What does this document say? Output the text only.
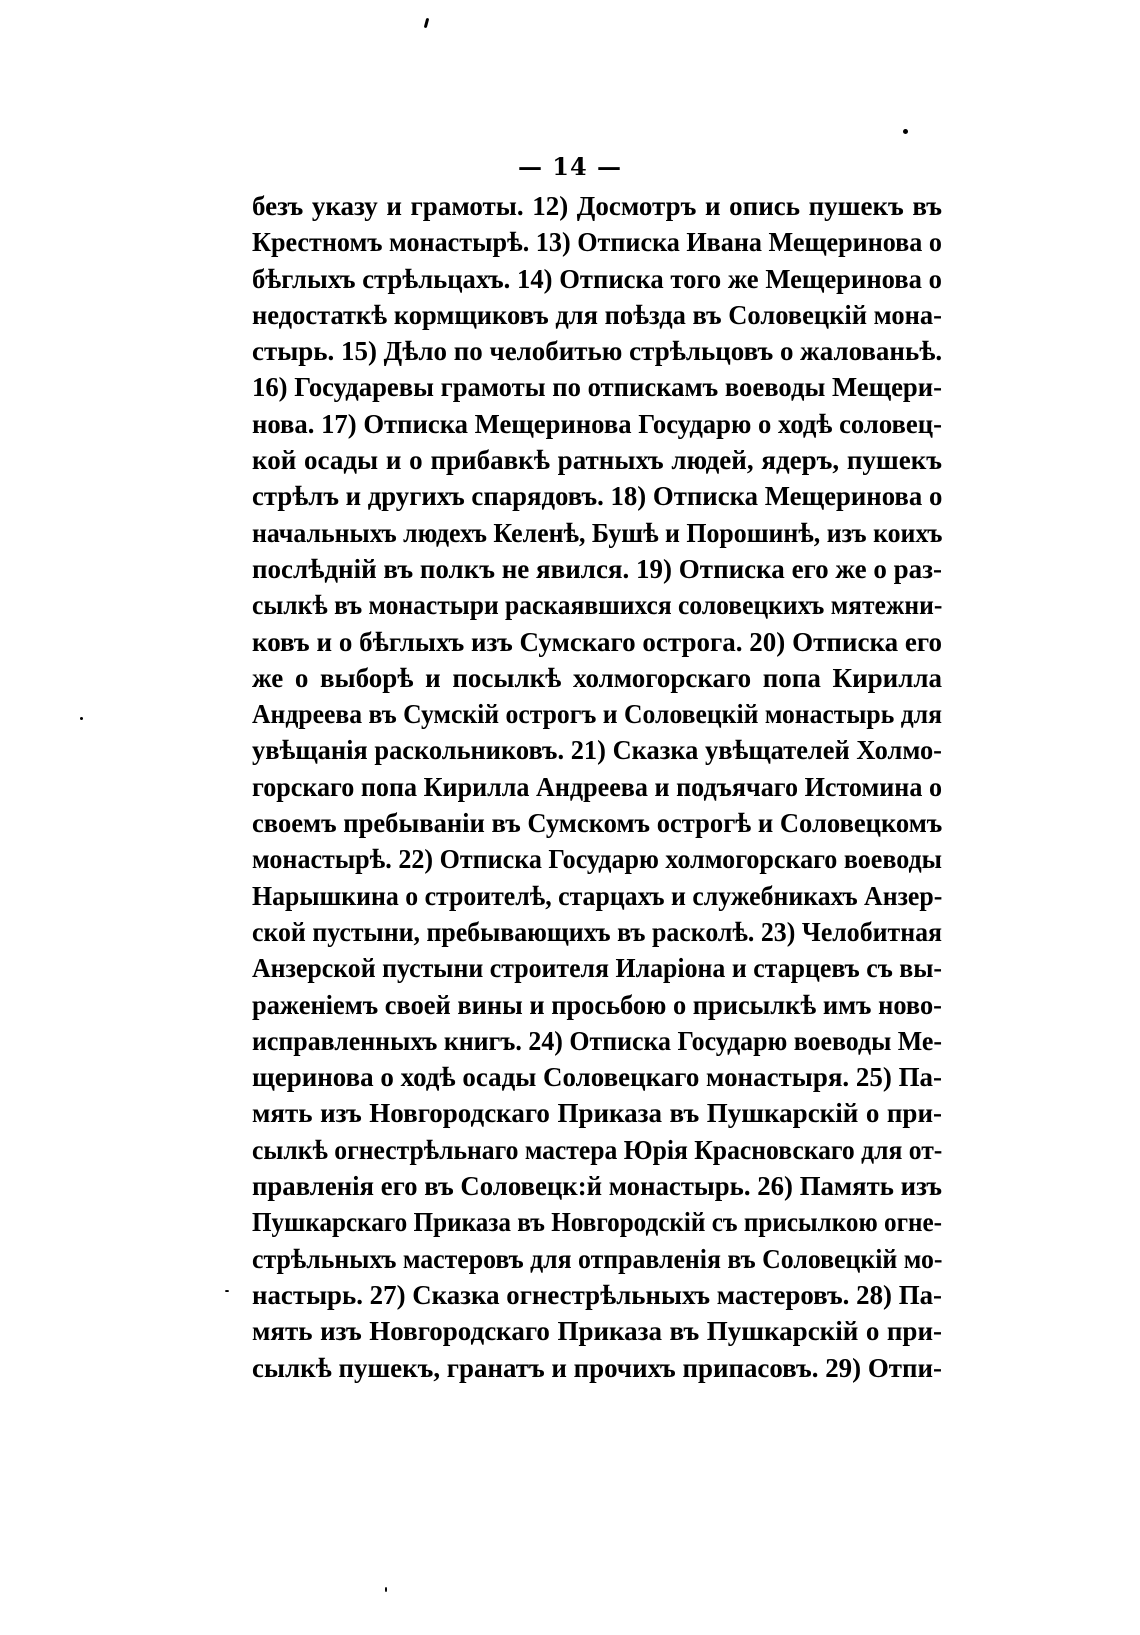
— 14 —
безъ указу и грамоты. 12) Досмотръ и опись пушекъ въ
Крестномъ монастырѣ. 13) Отписка Ивана Мещеринова о
бѣглыхъ стрѣльцахъ. 14) Отписка того же Мещеринова о
недостаткѣ кормщиковъ для поѣзда въ Соловецкій мона-
стырь. 15) Дѣло по челобитью стрѣльцовъ о жалованьѣ.
16) Государевы грамоты по отпискамъ воеводы Мещери-
нова. 17) Отписка Мещеринова Государю о ходѣ соловец-
кой осады и о прибавкѣ ратныхъ людей, ядеръ, пушекъ
стрѣлъ и другихъ спарядовъ. 18) Отписка Мещеринова о
начальныхъ людехъ Келенѣ, Бушѣ и Порошинѣ, изъ коихъ
послѣдній въ полкъ не явился. 19) Отписка его же о раз-
сылкѣ въ монастыри раскаявшихся соловецкихъ мятежни-
ковъ и о бѣглыхъ изъ Сумскаго острога. 20) Отписка его
же о выборѣ и посылкѣ холмогорскаго попа Кирилла
Андреева въ Сумскій острогъ и Соловецкій монастырь для
увѣщанія раскольниковъ. 21) Сказка увѣщателей Холмо-
горскаго попа Кирилла Андреева и подъячаго Истомина о
своемъ пребываніи въ Сумскомъ острогѣ и Соловецкомъ
монастырѣ. 22) Отписка Государю холмогорскаго воеводы
Нарышкина о строителѣ, старцахъ и служебникахъ Анзер-
ской пустыни, пребывающихъ въ расколѣ. 23) Челобитная
Анзерской пустыни строителя Иларіона и старцевъ съ вы-
раженіемъ своей вины и просьбою о присылкѣ имъ ново-
исправленныхъ книгъ. 24) Отписка Государю воеводы Ме-
щеринова о ходѣ осады Соловецкаго монастыря. 25) Па-
мять изъ Новгородскаго Приказа въ Пушкарскій о при-
сылкѣ огнестрѣльнаго мастера Юрія Красновскаго для от-
правленія его въ Соловецк:й монастырь. 26) Память изъ
Пушкарскаго Приказа въ Новгородскій съ присылкою огне-
стрѣльныхъ мастеровъ для отправленія въ Соловецкій мо-
настырь. 27) Сказка огнестрѣльныхъ мастеровъ. 28) Па-
мять изъ Новгородскаго Приказа въ Пушкарскій о при-
сылкѣ пушекъ, гранатъ и прочихъ припасовъ. 29) Отпи-
